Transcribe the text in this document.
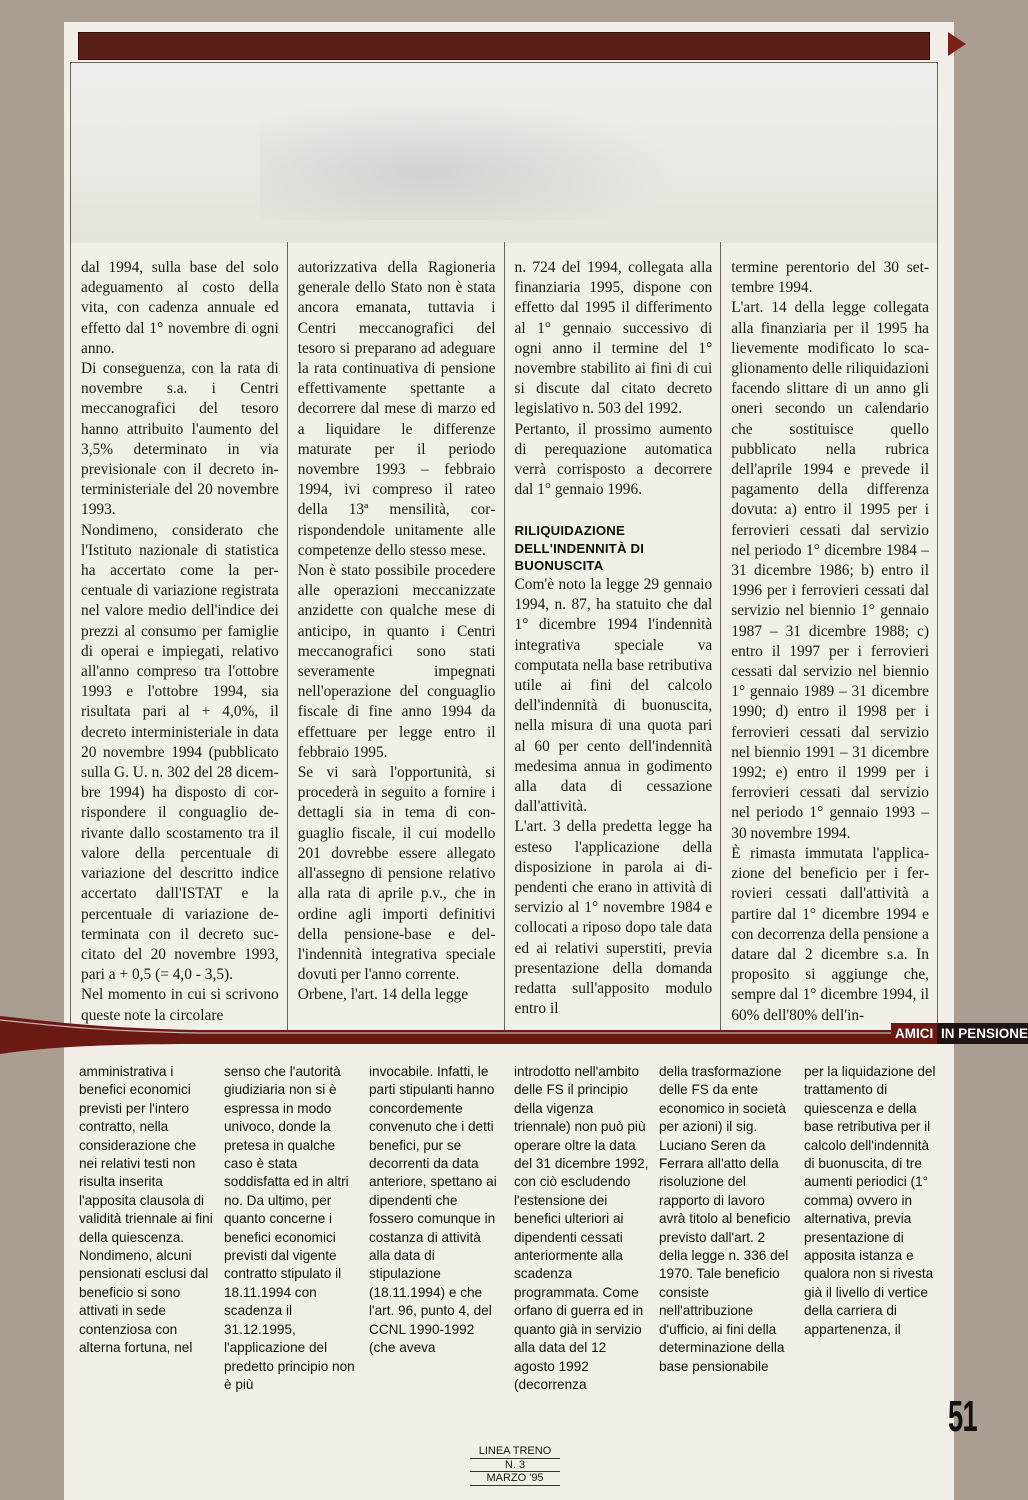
dal 1994, sulla base del solo adeguamento al costo della vita, con cadenza annuale ed effetto dal 1° novembre di ogni anno.

Di conseguenza, con la rata di novembre s.a. i Centri meccanografici del tesoro hanno attribuito l'aumento del 3,5% determinato in via previsionale con il decreto interministeriale del 20 novembre 1993.

Nondimeno, considerato che l'Istituto nazionale di statistica ha accertato come la percentuale di variazione registrata nel valore medio dell'indice dei prezzi al consumo per famiglie di operai e impiegati, relativo all'anno compreso tra l'ottobre 1993 e l'ottobre 1994, sia risultata pari al + 4,0%, il decreto interministeriale in data 20 novembre 1994 (pubblicato sulla G. U. n. 302 del 28 dicembre 1994) ha disposto di corrispondere il conguaglio derivante dallo scostamento tra il valore della percentuale di variazione del descritto indice accertato dall'ISTAT e la percentuale di variazione determinata con il decreto succitato del 20 novembre 1993, pari a + 0,5 (= 4,0 - 3,5).

Nel momento in cui si scrivono queste note la circolare

autorizzativa della Ragioneria generale dello Stato non è stata ancora emanata, tuttavia i Centri meccanografici del tesoro si preparano ad adeguare la rata continuativa di pensione effettivamente spettante a decorrere dal mese di marzo ed a liquidare le differenze maturate per il periodo novembre 1993 – febbraio 1994, ivi compreso il rateo della 13ª mensilità, corrispondendole unitamente alle competenze dello stesso mese.

Non è stato possibile procedere alle operazioni meccanizzate anzidette con qualche mese di anticipo, in quanto i Centri meccanografici sono stati severamente impegnati nell'operazione del conguaglio fiscale di fine anno 1994 da effettuare per legge entro il febbraio 1995.

Se vi sarà l'opportunità, si procederà in seguito a fornire i dettagli sia in tema di conguaglio fiscale, il cui modello 201 dovrebbe essere allegato all'assegno di pensione relativo alla rata di aprile p.v., che in ordine agli importi definitivi della pensione-base e dell'indennità integrativa speciale dovuti per l'anno corrente.

Orbene, l'art. 14 della legge

n. 724 del 1994, collegata alla finanziaria 1995, dispone con effetto dal 1995 il differimento al 1° gennaio successivo di ogni anno il termine del 1° novembre stabilito ai fini di cui si discute dal citato decreto legislativo n. 503 del 1992.

Pertanto, il prossimo aumento di perequazione automatica verrà corrisposto a decorrere dal 1° gennaio 1996.

RILIQUIDAZIONE DELL'INDENNITÀ DI BUONUSCITA

Com'è noto la legge 29 gennaio 1994, n. 87, ha statuito che dal 1° dicembre 1994 l'indennità integrativa speciale va computata nella base retributiva utile ai fini del calcolo dell'indennità di buonuscita, nella misura di una quota pari al 60 per cento dell'indennità medesima annua in godimento alla data di cessazione dall'attività.

L'art. 3 della predetta legge ha esteso l'applicazione della disposizione in parola ai dipendenti che erano in attività di servizio al 1° novembre 1984 e collocati a riposo dopo tale data ed ai relativi superstiti, previa presentazione della domanda redatta sull'apposito modulo entro il

termine perentorio del 30 settembre 1994.

L'art. 14 della legge collegata alla finanziaria per il 1995 ha lievemente modificato lo scaglionamento delle riliquidazioni facendo slittare di un anno gli oneri secondo un calendario che sostituisce quello pubblicato nella rubrica dell'aprile 1994 e prevede il pagamento della differenza dovuta: a) entro il 1995 per i ferrovieri cessati dal servizio nel periodo 1° dicembre 1984 – 31 dicembre 1986; b) entro il 1996 per i ferrovieri cessati dal servizio nel biennio 1° gennaio 1987 – 31 dicembre 1988; c) entro il 1997 per i ferrovieri cessati dal servizio nel biennio 1° gennaio 1989 – 31 dicembre 1990; d) entro il 1998 per i ferrovieri cessati dal servizio nel biennio 1991 – 31 dicembre 1992; e) entro il 1999 per i ferrovieri cessati dal servizio nel periodo 1° gennaio 1993 – 30 novembre 1994.

È rimasta immutata l'applicazione del beneficio per i ferrovieri cessati dall'attività a partire dal 1° dicembre 1994 e con decorrenza della pensione a datare dal 2 dicembre s.a. In proposito si aggiunge che, sempre dal 1° dicembre 1994, il 60% dell'80% dell'in-

AMICI IN PENSIONE

amministrativa i benefici economici previsti per l'intero contratto, nella considerazione che nei relativi testi non risulta inserita l'apposita clausola di validità triennale ai fini della quiescenza. Nondimeno, alcuni pensionati esclusi dal beneficio si sono attivati in sede contenziosa con alterna fortuna, nel

senso che l'autorità giudiziaria non si è espressa in modo univoco, donde la pretesa in qualche caso è stata soddisfatta ed in altri no. Da ultimo, per quanto concerne i benefici economici previsti dal vigente contratto stipulato il 18.11.1994 con scadenza il 31.12.1995, l'applicazione del predetto principio non è più

invocabile. Infatti, le parti stipulanti hanno concordemente convenuto che i detti benefici, pur se decorrenti da data anteriore, spettano ai dipendenti che fossero comunque in costanza di attività alla data di stipulazione (18.11.1994) e che l'art. 96, punto 4, del CCNL 1990-1992 (che aveva

introdotto nell'ambito delle FS il principio della vigenza triennale) non può più operare oltre la data del 31 dicembre 1992, con ciò escludendo l'estensione dei benefici ulteriori ai dipendenti cessati anteriormente alla scadenza programmata. Come orfano di guerra ed in quanto già in servizio alla data del 12 agosto 1992 (decorrenza

della trasformazione delle FS da ente economico in società per azioni) il sig. Luciano Seren da Ferrara all'atto della risoluzione del rapporto di lavoro avrà titolo al beneficio previsto dall'art. 2 della legge n. 336 del 1970. Tale beneficio consiste nell'attribuzione d'ufficio, ai fini della determinazione della base pensionabile

per la liquidazione del trattamento di quiescenza e della base retributiva per il calcolo dell'indennità di buonuscita, di tre aumenti periodici (1° comma) ovvero in alternativa, previa presentazione di apposita istanza e qualora non si rivesta già il livello di vertice della carriera di appartenenza, il

51
LINEA TRENO
N. 3
MARZO '95
